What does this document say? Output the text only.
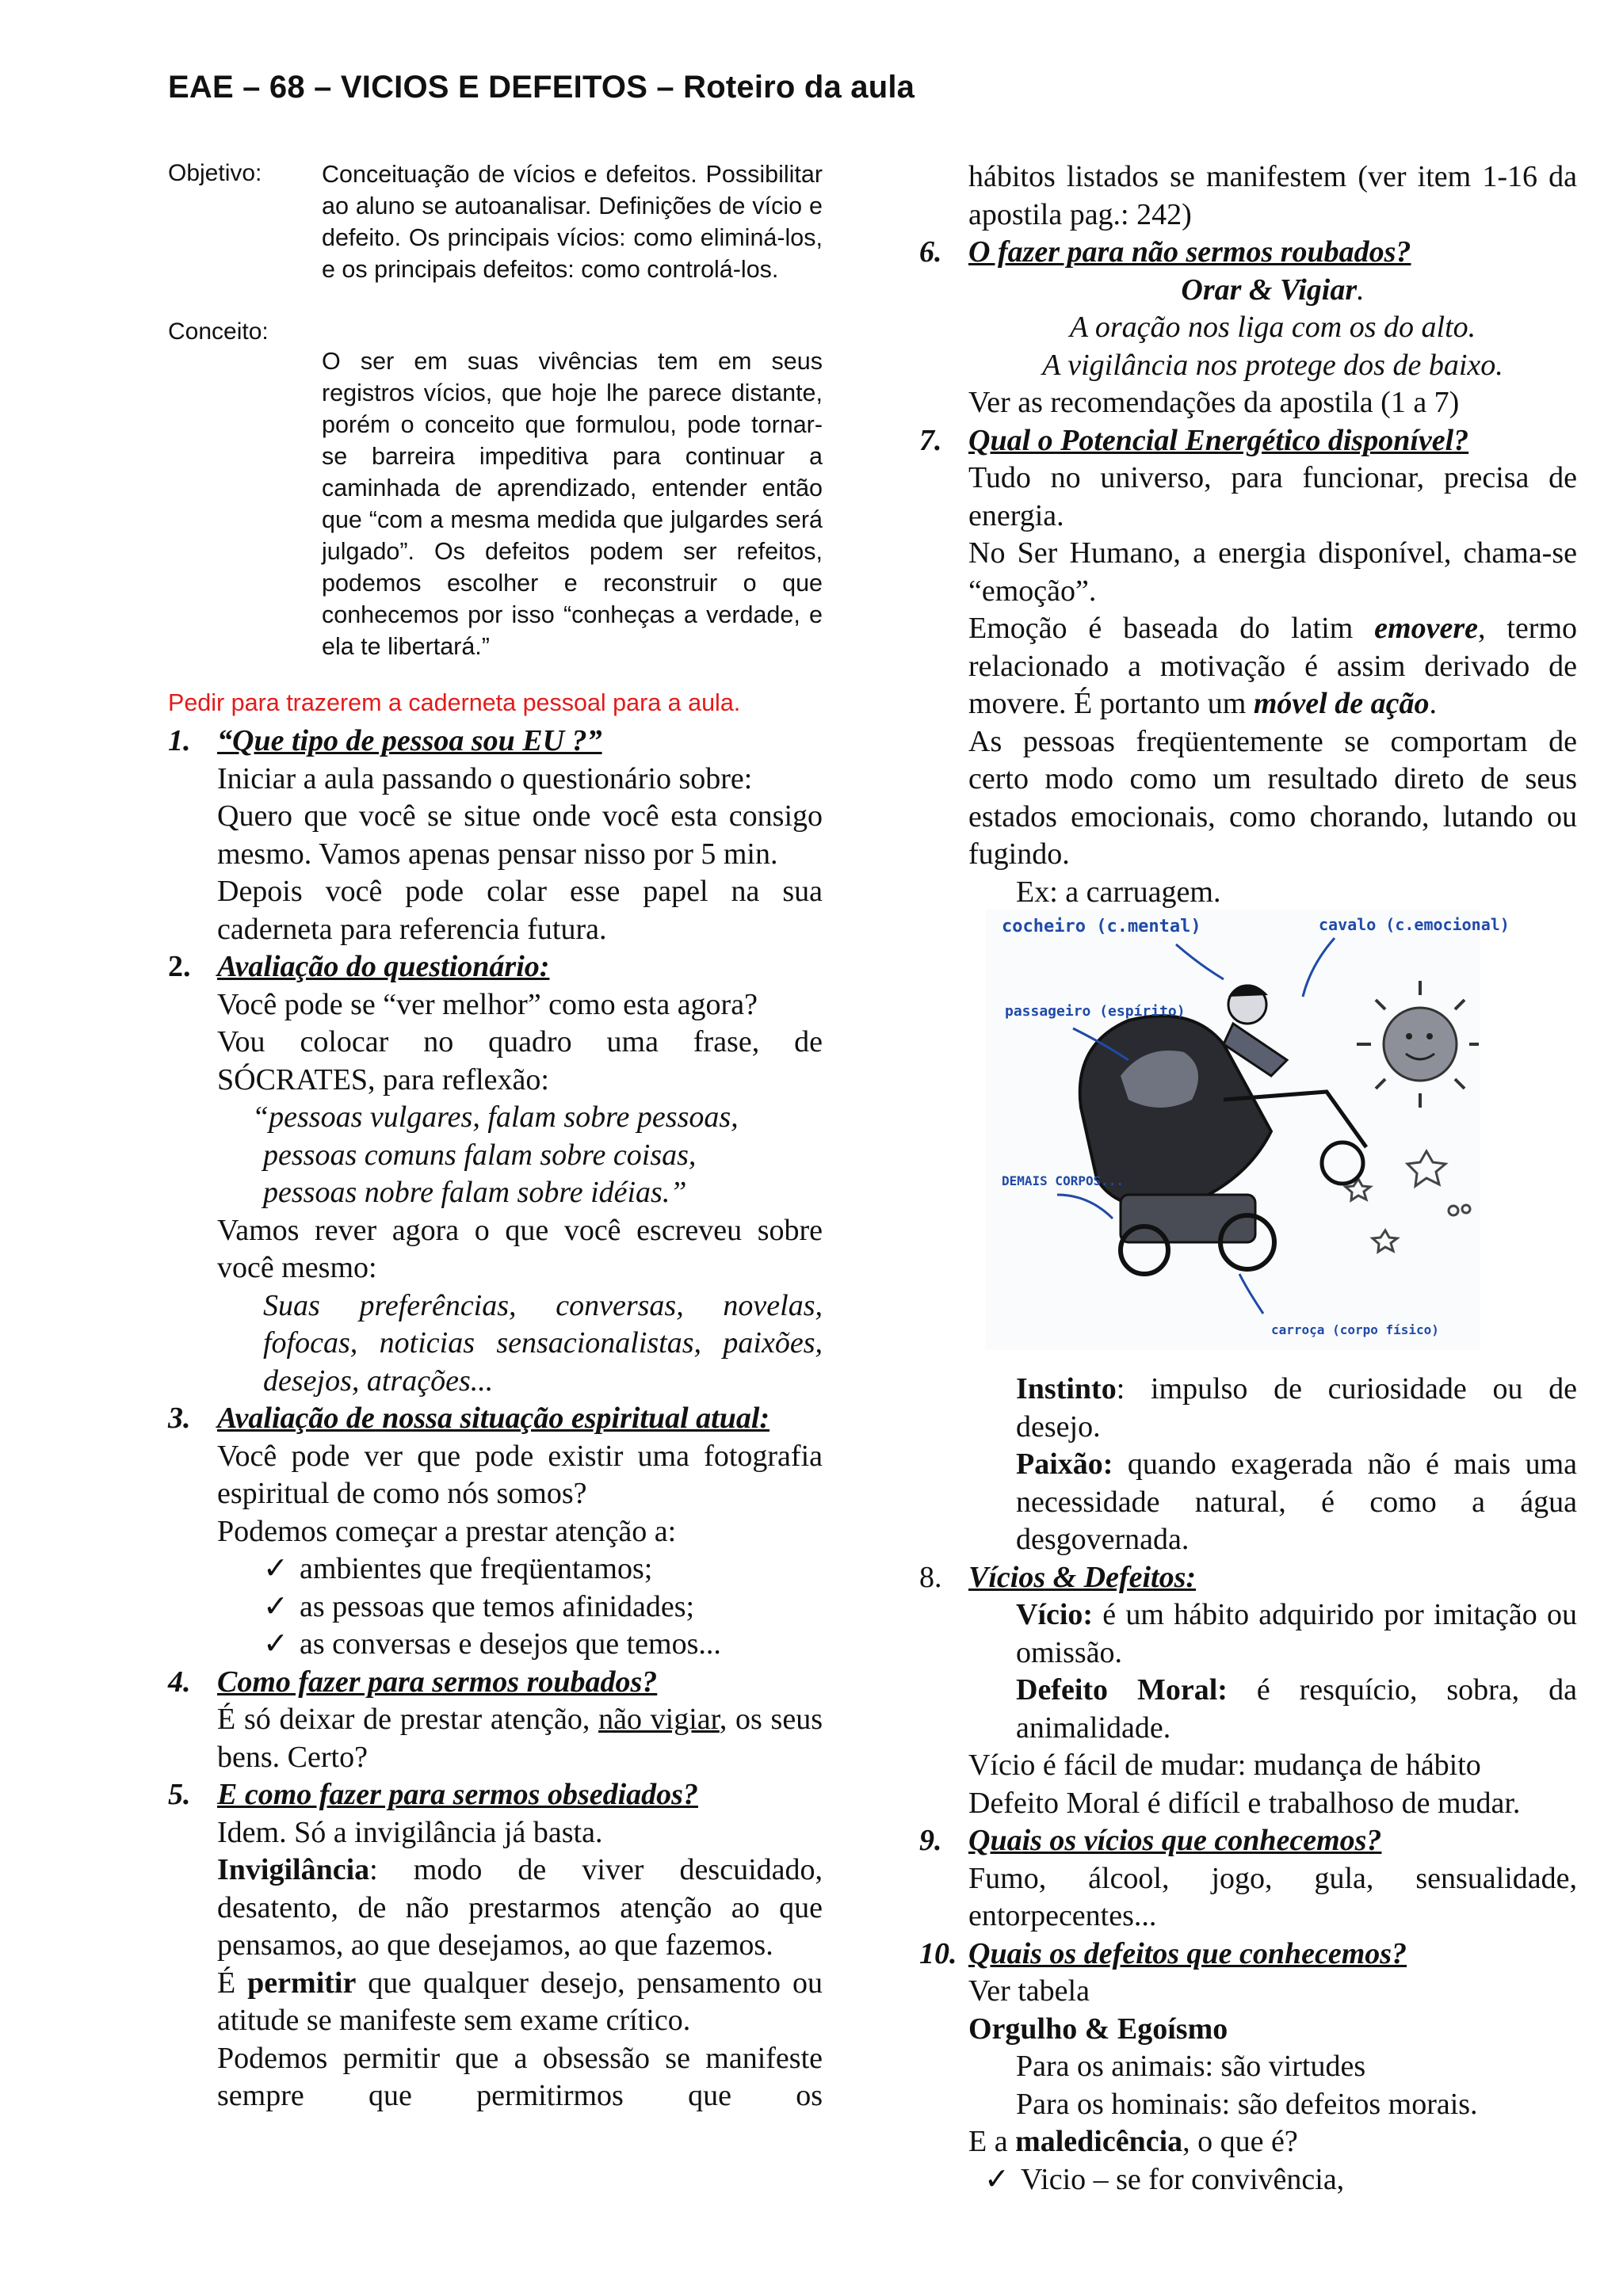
EAE – 68 – VICIOS E DEFEITOS – Roteiro da aula
Objetivo: Conceituação de vícios e defeitos. Possibilitar ao aluno se autoanalisar. Definições de vício e defeito. Os principais vícios: como eliminá-los, e os principais defeitos: como controlá-los.
Conceito:
O ser em suas vivências tem em seus registros vícios, que hoje lhe parece distante, porém o conceito que formulou, pode tornar-se barreira impeditiva para continuar a caminhada de aprendizado, entender então que “com a mesma medida que julgardes será julgado”. Os defeitos podem ser refeitos, podemos escolher e reconstruir o que conhecemos por isso “conheças a verdade, e ela te libertará.”
Pedir para trazerem a caderneta pessoal para a aula.
1. “Que tipo de pessoa sou EU ?”

Iniciar a aula passando o questionário sobre:

Quero que você se situe onde você esta consigo mesmo. Vamos apenas pensar nisso por 5 min.

Depois você pode colar esse papel na sua caderneta para referencia futura.

2. Avaliação do questionário:

Você pode se “ver melhor” como esta agora?

Vou colocar no quadro uma frase, de SÓCRATES, para reflexão:

“pessoas vulgares, falam sobre pessoas,
pessoas comuns falam sobre coisas,
pessoas nobre falam sobre idéias.”

Vamos rever agora o que você escreveu sobre você mesmo:

Suas preferências, conversas, novelas, fofocas, noticias sensacionalistas, paixões, desejos, atrações...

3. Avaliação de nossa situação espiritual atual:

Você pode ver que pode existir uma fotografia espiritual de como nós somos?

Podemos começar a prestar atenção a:

✓ ambientes que freqüentamos;
✓ as pessoas que temos afinidades;
✓ as conversas e desejos que temos...
4. Como fazer para sermos roubados?

É só deixar de prestar atenção, não vigiar, os seus bens. Certo?

5. E como fazer para sermos obsediados?

Idem. Só a invigilância já basta.

Invigilância: modo de viver descuidado, desatento, de não prestarmos atenção ao que pensamos, ao que desejamos, ao que fazemos.

É permitir que qualquer desejo, pensamento ou atitude se manifeste sem exame crítico.

Podemos permitir que a obsessão se manifeste sempre que permitirmos que os

hábitos listados se manifestem (ver item 1-16 da apostila pag.: 242)

6. O fazer para não sermos roubados?
Orar & Vigiar.
A oração nos liga com os do alto.
A vigilância nos protege dos de baixo.

Ver as recomendações da apostila (1 a 7)

7. Qual o Potencial Energético disponível?

Tudo no universo, para funcionar, precisa de energia.

No Ser Humano, a energia disponível, chama-se “emoção”.

Emoção é baseada do latim emovere, termo relacionado a motivação é assim derivado de movere. É portanto um móvel de ação.

As pessoas freqüentemente se comportam de certo modo como um resultado direto de seus estados emocionais, como chorando, lutando ou fugindo.

Ex: a carruagem.

Instinto: impulso de curiosidade ou de desejo.

Paixão: quando exagerada não é mais uma necessidade natural, é como a água desgovernada.

8. Vícios & Defeitos:

Vício: é um hábito adquirido por imitação ou omissão.

Defeito Moral: é resquício, sobra, da animalidade.

Vício é fácil de mudar: mudança de hábito

Defeito Moral é difícil e trabalhoso de mudar.

9. Quais os vícios que conhecemos?

Fumo, álcool, jogo, gula, sensualidade, entorpecentes...

10. Quais os defeitos que conhecemos?

Ver tabela

Orgulho & Egoísmo

Para os animais: são virtudes

Para os hominais: são defeitos morais.

E a maledicência, o que é?

✓ Vicio – se for convivência,
cocheiro (c.mental)	cavalo (c.emocional)
passageiro (espírito)
DEMAIS CORPOS...
carroça (corpo físico)
